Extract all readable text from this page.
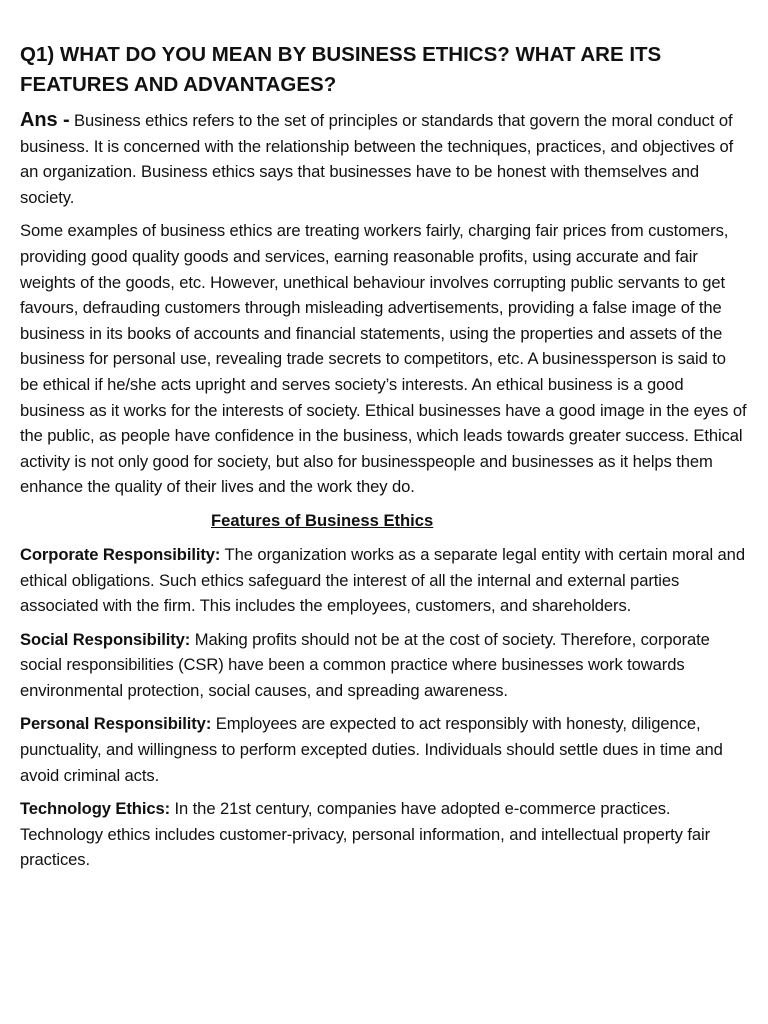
Q1) WHAT DO YOU MEAN BY BUSINESS ETHICS? WHAT ARE ITS FEATURES AND ADVANTAGES?

Ans - Business ethics refers to the set of principles or standards that govern the moral conduct of business. It is concerned with the relationship between the techniques, practices, and objectives of an organization. Business ethics says that businesses have to be honest with themselves and society.

Some examples of business ethics are treating workers fairly, charging fair prices from customers, providing good quality goods and services, earning reasonable profits, using accurate and fair weights of the goods, etc. However, unethical behaviour involves corrupting public servants to get favours, defrauding customers through misleading advertisements, providing a false image of the business in its books of accounts and financial statements, using the properties and assets of the business for personal use, revealing trade secrets to competitors, etc. A businessperson is said to be ethical if he/she acts upright and serves society’s interests. An ethical business is a good business as it works for the interests of society. Ethical businesses have a good image in the eyes of the public, as people have confidence in the business, which leads towards greater success. Ethical activity is not only good for society, but also for businesspeople and businesses as it helps them enhance the quality of their lives and the work they do.

Features of Business Ethics

Corporate Responsibility: The organization works as a separate legal entity with certain moral and ethical obligations. Such ethics safeguard the interest of all the internal and external parties associated with the firm. This includes the employees, customers, and shareholders.

Social Responsibility: Making profits should not be at the cost of society. Therefore, corporate social responsibilities (CSR) have been a common practice where businesses work towards environmental protection, social causes, and spreading awareness.

Personal Responsibility: Employees are expected to act responsibly with honesty, diligence, punctuality, and willingness to perform excepted duties. Individuals should settle dues in time and avoid criminal acts.

Technology Ethics: In the 21st century, companies have adopted e-commerce practices. Technology ethics includes customer-privacy, personal information, and intellectual property fair practices.
